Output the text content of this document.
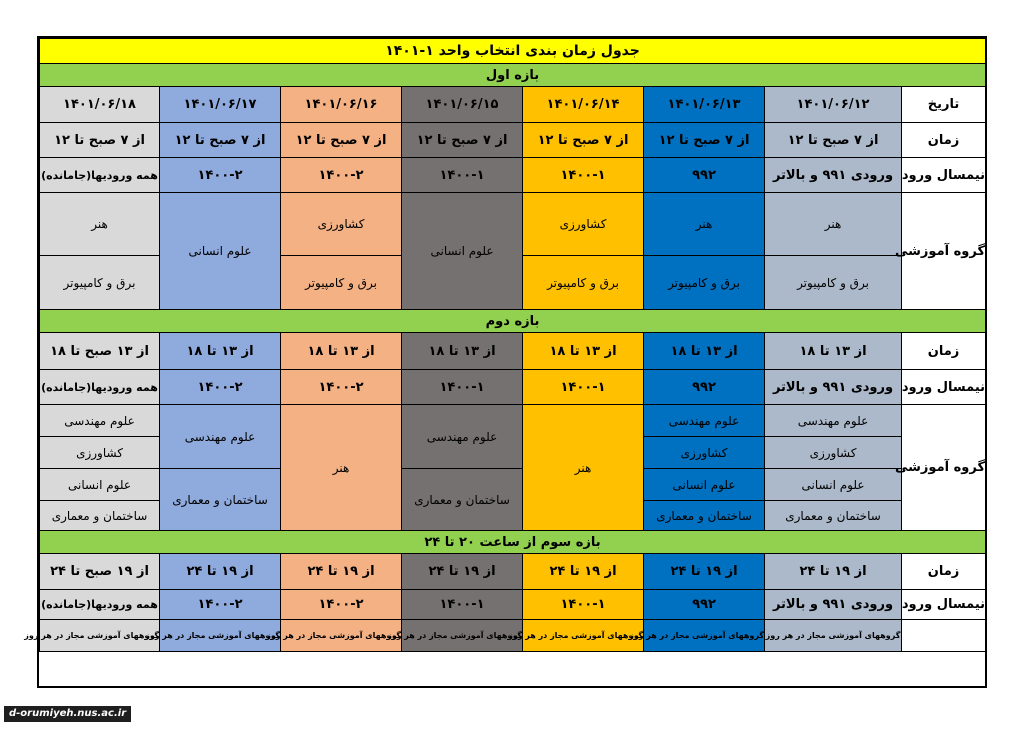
جدول زمان بندی انتخاب واحد ۱-۱۴۰۱							
بازه اول							
تاریخ	۱۴۰۱/۰۶/۱۲	۱۴۰۱/۰۶/۱۳	۱۴۰۱/۰۶/۱۴	۱۴۰۱/۰۶/۱۵	۱۴۰۱/۰۶/۱۶	۱۴۰۱/۰۶/۱۷	۱۴۰۱/۰۶/۱۸
زمان	از ۷ صبح تا ۱۲	از ۷ صبح تا ۱۲	از ۷ صبح تا ۱۲	از ۷ صبح تا ۱۲	از ۷ صبح تا ۱۲	از ۷ صبح تا ۱۲	از ۷ صبح تا ۱۲
نیمسال ورود	ورودی ۹۹۱ و بالاتر	۹۹۲	۱۴۰۰-۱	۱۴۰۰-۱	۱۴۰۰-۲	۱۴۰۰-۲	همه ورودیها(جامانده)
گروه آموزشی	هنر	هنر	کشاورزی	علوم انسانی	کشاورزی	علوم انسانی	هنر
	برق و کامپیوتر	برق و کامپیوتر	برق و کامپیوتر		برق و کامپیوتر		برق و کامپیوتر
بازه دوم							
زمان	از ۱۳ تا ۱۸	از ۱۳ تا ۱۸	از ۱۳ تا ۱۸	از ۱۳ تا ۱۸	از ۱۳ تا ۱۸	از ۱۳ تا ۱۸	از ۱۳ صبح تا ۱۸
نیمسال ورود	ورودی ۹۹۱ و بالاتر	۹۹۲	۱۴۰۰-۱	۱۴۰۰-۱	۱۴۰۰-۲	۱۴۰۰-۲	همه ورودیها(جامانده)
گروه آموزشی	علوم مهندسی	علوم مهندسی	هنر	علوم مهندسی	هنر	علوم مهندسی	علوم مهندسی
	کشاورزی	کشاورزی					کشاورزی
	علوم انسانی	علوم انسانی		ساختمان و معماری		ساختمان و معماری	علوم انسانی
	ساختمان و معماری	ساختمان و معماری					ساختمان و معماری
بازه سوم از ساعت ۲۰ تا ۲۴							
زمان	از ۱۹ تا ۲۴	از ۱۹ تا ۲۴	از ۱۹ تا ۲۴	از ۱۹ تا ۲۴	از ۱۹ تا ۲۴	از ۱۹ تا ۲۴	از ۱۹ صبح تا ۲۴
نیمسال ورود	ورودی ۹۹۱ و بالاتر	۹۹۲	۱۴۰۰-۱	۱۴۰۰-۱	۱۴۰۰-۲	۱۴۰۰-۲	همه ورودیها(جامانده)
	گروههای آموزشی مجاز در هر روز	گروههای آموزشی مجاز در هر روز	گروههای آموزشی مجاز در هر روز	گروههای آموزشی مجاز در هر روز	گروههای آموزشی مجاز در هر روز	گروههای آموزشی مجاز در هر روز	گروههای آموزشی مجاز در هر روز
d-orumiyeh.nus.ac.ir
